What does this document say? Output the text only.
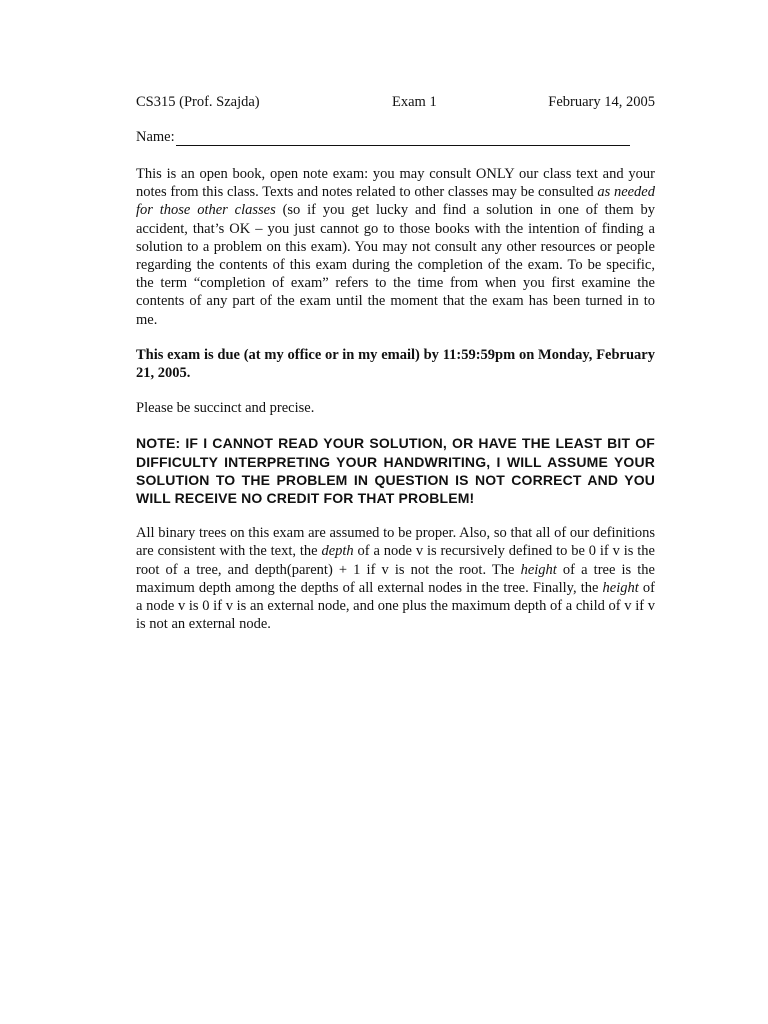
CS315 (Prof. Szajda)	Exam 1	February 14, 2005
Name:

This is an open book, open note exam: you may consult ONLY our class text and your notes from this class. Texts and notes related to other classes may be consulted as needed for those other classes (so if you get lucky and find a solution in one of them by accident, that’s OK – you just cannot go to those books with the intention of finding a solution to a problem on this exam). You may not consult any other resources or people regarding the contents of this exam during the completion of the exam. To be specific, the term “completion of exam” refers to the time from when you first examine the contents of any part of the exam until the moment that the exam has been turned in to me.

This exam is due (at my office or in my email) by 11:59:59pm on Monday, February 21, 2005.

Please be succinct and precise.

NOTE: IF I CANNOT READ YOUR SOLUTION, OR HAVE THE LEAST BIT OF DIFFICULTY INTERPRETING YOUR HANDWRITING, I WILL ASSUME YOUR SOLUTION TO THE PROBLEM IN QUESTION IS NOT CORRECT AND YOU WILL RECEIVE NO CREDIT FOR THAT PROBLEM!

All binary trees on this exam are assumed to be proper. Also, so that all of our definitions are consistent with the text, the depth of a node v is recursively defined to be 0 if v is the root of a tree, and depth(parent) + 1 if v is not the root. The height of a tree is the maximum depth among the depths of all external nodes in the tree. Finally, the height of a node v is 0 if v is an external node, and one plus the maximum depth of a child of v if v is not an external node.
